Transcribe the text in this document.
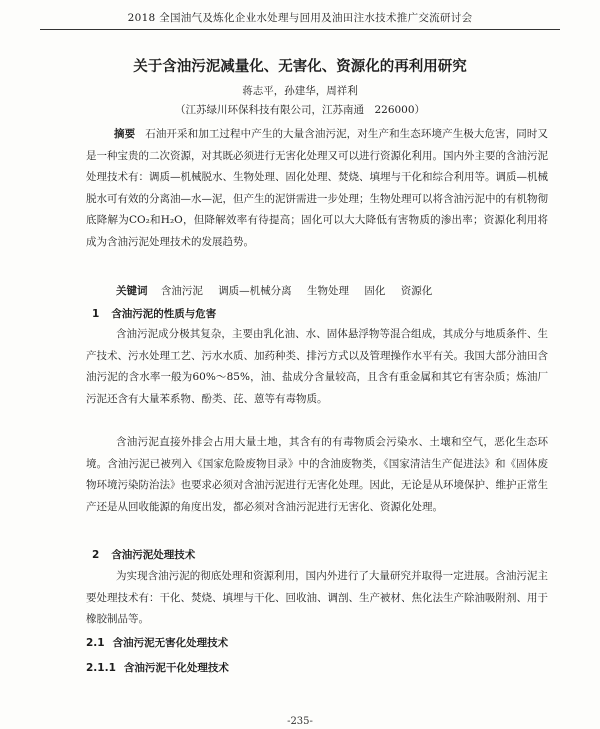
2018 全国油气及炼化企业水处理与回用及油田注水技术推广交流研讨会
关于含油污泥减量化、无害化、资源化的再利用研究
蒋志平，孙建华，周祥利
（江苏绿川环保科技有限公司，江苏南通　226000）
摘要 石油开采和加工过程中产生的大量含油污泥，对生产和生态环境产生极大危害，同时又是一种宝贵的二次资源，对其既必须进行无害化处理又可以进行资源化利用。国内外主要的含油污泥处理技术有：调质—机械脱水、生物处理、固化处理、焚烧、填埋与干化和综合利用等。调质—机械脱水可有效的分离油—水—泥，但产生的泥饼需进一步处理；生物处理可以将含油污泥中的有机物彻底降解为CO₂和H₂O，但降解效率有待提高；固化可以大大降低有害物质的渗出率；资源化利用将成为含油污泥处理技术的发展趋势。
关键词 含油污泥 调质—机械分离 生物处理 固化 资源化
1 含油污泥的性质与危害
含油污泥成分极其复杂，主要由乳化油、水、固体悬浮物等混合组成，其成分与地质条件、生产技术、污水处理工艺、污水水质、加药种类、排污方式以及管理操作水平有关。我国大部分油田含油污泥的含水率一般为60%～85%，油、盐成分含量较高，且含有重金属和其它有害杂质；炼油厂污泥还含有大量苯系物、酚类、芘、蒽等有毒物质。
含油污泥直接外排会占用大量土地，其含有的有毒物质会污染水、土壤和空气，恶化生态环境。含油污泥已被列入《国家危险废物目录》中的含油废物类，《国家清洁生产促进法》和《固体废物环境污染防治法》也要求必须对含油污泥进行无害化处理。因此，无论是从环境保护、维护正常生产还是从回收能源的角度出发，都必须对含油污泥进行无害化、资源化处理。
2 含油污泥处理技术
为实现含油污泥的彻底处理和资源利用，国内外进行了大量研究并取得一定进展。含油污泥主要处理技术有：干化、焚烧、填埋与干化、回收油、调剖、生产被材、焦化法生产除油吸附剂、用于橡胶制品等。
2.1 含油污泥无害化处理技术
2.1.1 含油污泥干化处理技术
-235-
